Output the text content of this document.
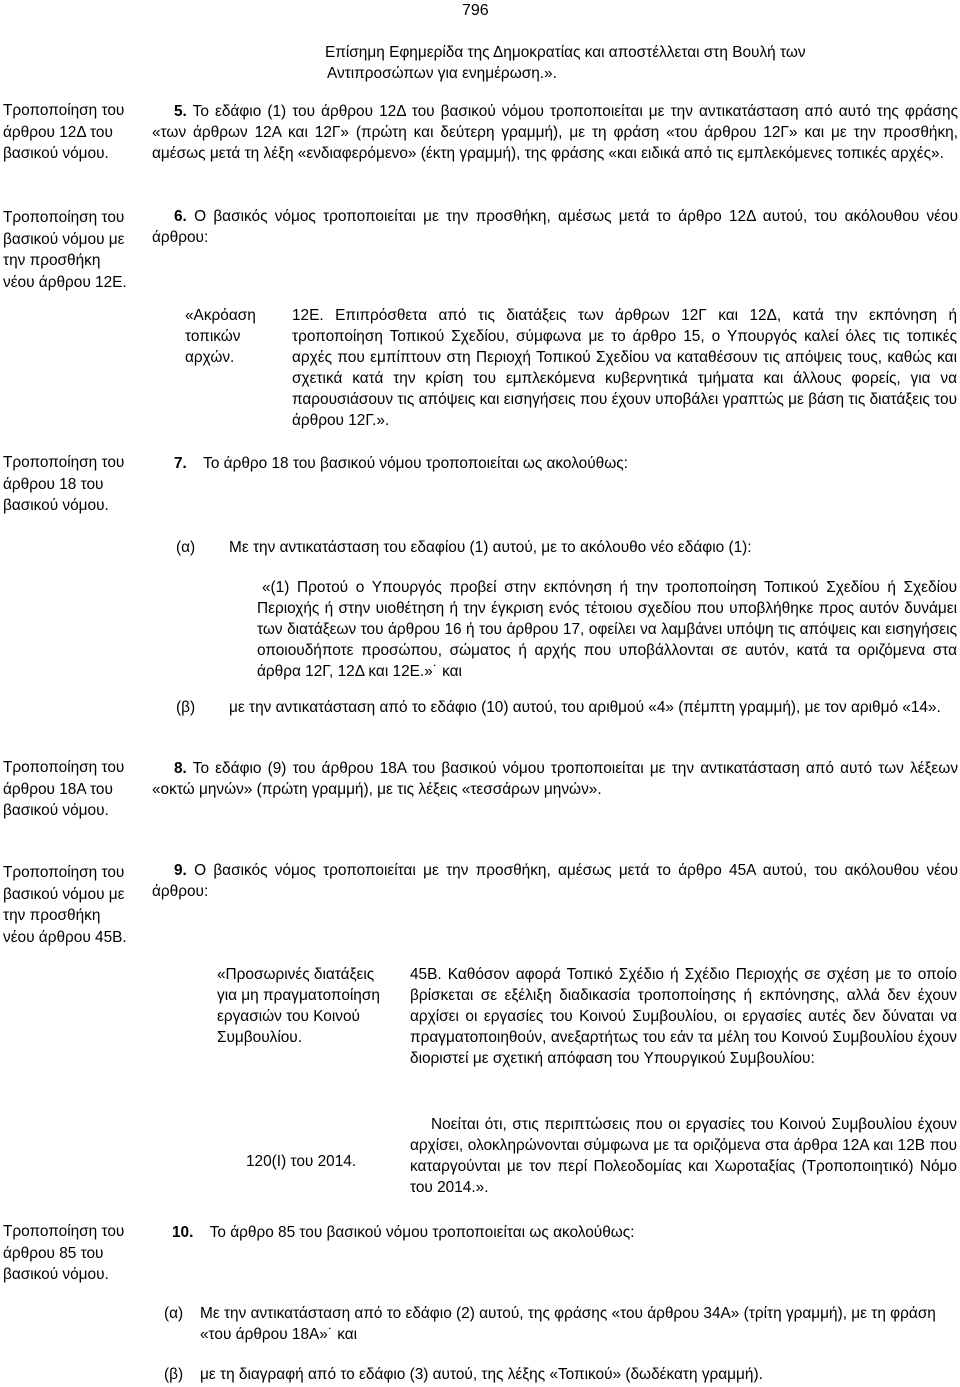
796
Επίσημη Εφημερίδα της Δημοκρατίας και αποστέλλεται στη Βουλή των
Αντιπροσώπων για ενημέρωση.».
Τροποποίηση του άρθρου 12Δ του βασικού νόμου.
Τροποποίηση του βασικού νόμου με την προσθήκη νέου άρθρου 12Ε.
Τροποποίηση του άρθρου 18 του βασικού νόμου.
Τροποποίηση του άρθρου 18Α του βασικού νόμου.
Τροποποίηση του βασικού νόμου με την προσθήκη νέου άρθρου 45Β.
Τροποποίηση του άρθρου 85 του βασικού νόμου.
5. Το εδάφιο (1) του άρθρου 12Δ του βασικού νόμου τροποποιείται με την αντικατάσταση από αυτό της φράσης «των άρθρων 12Α και 12Γ» (πρώτη και δεύτερη γραμμή), με τη φράση «του άρθρου 12Γ» και με την προσθήκη, αμέσως μετά τη λέξη «ενδιαφερόμενο» (έκτη γραμμή), της φράσης «και ειδικά από τις εμπλεκόμενες τοπικές αρχές».
6. Ο βασικός νόμος τροποποιείται με την προσθήκη, αμέσως μετά το άρθρο 12Δ αυτού, του ακόλουθου νέου άρθρου:
«Ακρόαση τοπικών αρχών.
12Ε. Επιπρόσθετα από τις διατάξεις των άρθρων 12Γ και 12Δ, κατά την εκπόνηση ή τροποποίηση Τοπικού Σχεδίου, σύμφωνα με το άρθρο 15, ο Υπουργός καλεί όλες τις τοπικές αρχές που εμπίπτουν στη Περιοχή Τοπικού Σχεδίου να καταθέσουν τις απόψεις τους, καθώς και σχετικά κατά την κρίση του εμπλεκόμενα κυβερνητικά τμήματα και άλλους φορείς, για να παρουσιάσουν τις απόψεις και εισηγήσεις που έχουν υποβάλει γραπτώς με βάση τις διατάξεις του άρθρου 12Γ.».
7. Το άρθρο 18 του βασικού νόμου τροποποιείται ως ακολούθως:
(α) Με την αντικατάσταση του εδαφίου (1) αυτού, με το ακόλουθο νέο εδάφιο (1):
«(1) Προτού ο Υπουργός προβεί στην εκπόνηση ή την τροποποίηση Τοπικού Σχεδίου ή Σχεδίου Περιοχής ή στην υιοθέτηση ή την έγκριση ενός τέτοιου σχεδίου που υποβλήθηκε προς αυτόν δυνάμει των διατάξεων του άρθρου 16 ή του άρθρου 17, οφείλει να λαμβάνει υπόψη τις απόψεις και εισηγήσεις οποιουδήποτε προσώπου, σώματος ή αρχής που υποβάλλονται σε αυτόν, κατά τα οριζόμενα στα άρθρα 12Γ, 12Δ και 12Ε.»˙ και
(β) με την αντικατάσταση από το εδάφιο (10) αυτού, του αριθμού «4» (πέμπτη γραμμή), με τον αριθμό «14».
8. Το εδάφιο (9) του άρθρου 18Α του βασικού νόμου τροποποιείται με την αντικατάσταση από αυτό των λέξεων «οκτώ μηνών» (πρώτη γραμμή), με τις λέξεις «τεσσάρων μηνών».
9. Ο βασικός νόμος τροποποιείται με την προσθήκη, αμέσως μετά το άρθρο 45Α αυτού, του ακόλουθου νέου άρθρου:
«Προσωρινές διατάξεις για μη πραγματοποίηση εργασιών του Κοινού Συμβουλίου.
45Β. Καθόσον αφορά Τοπικό Σχέδιο ή Σχέδιο Περιοχής σε σχέση με το οποίο βρίσκεται σε εξέλιξη διαδικασία τροποποίησης ή εκπόνησης, αλλά δεν έχουν αρχίσει οι εργασίες του Κοινού Συμβουλίου, οι εργασίες αυτές δεν δύναται να πραγματοποιηθούν, ανεξαρτήτως του εάν τα μέλη του Κοινού Συμβουλίου έχουν διοριστεί με σχετική απόφαση του Υπουργικού Συμβουλίου:
120(Ι) του 2014.
Νοείται ότι, στις περιπτώσεις που οι εργασίες του Κοινού Συμβουλίου έχουν αρχίσει, ολοκληρώνονται σύμφωνα με τα οριζόμενα στα άρθρα 12Α και 12Β που καταργούνται με τον περί Πολεοδομίας και Χωροταξίας (Τροποποιητικό) Νόμο του 2014.».
10. Το άρθρο 85 του βασικού νόμου τροποποιείται ως ακολούθως:
(α) Με την αντικατάσταση από το εδάφιο (2) αυτού, της φράσης «του άρθρου 34Α» (τρίτη γραμμή), με τη φράση «του άρθρου 18Α»˙ και
(β) με τη διαγραφή από το εδάφιο (3) αυτού, της λέξης «Τοπικού» (δωδέκατη γραμμή).
